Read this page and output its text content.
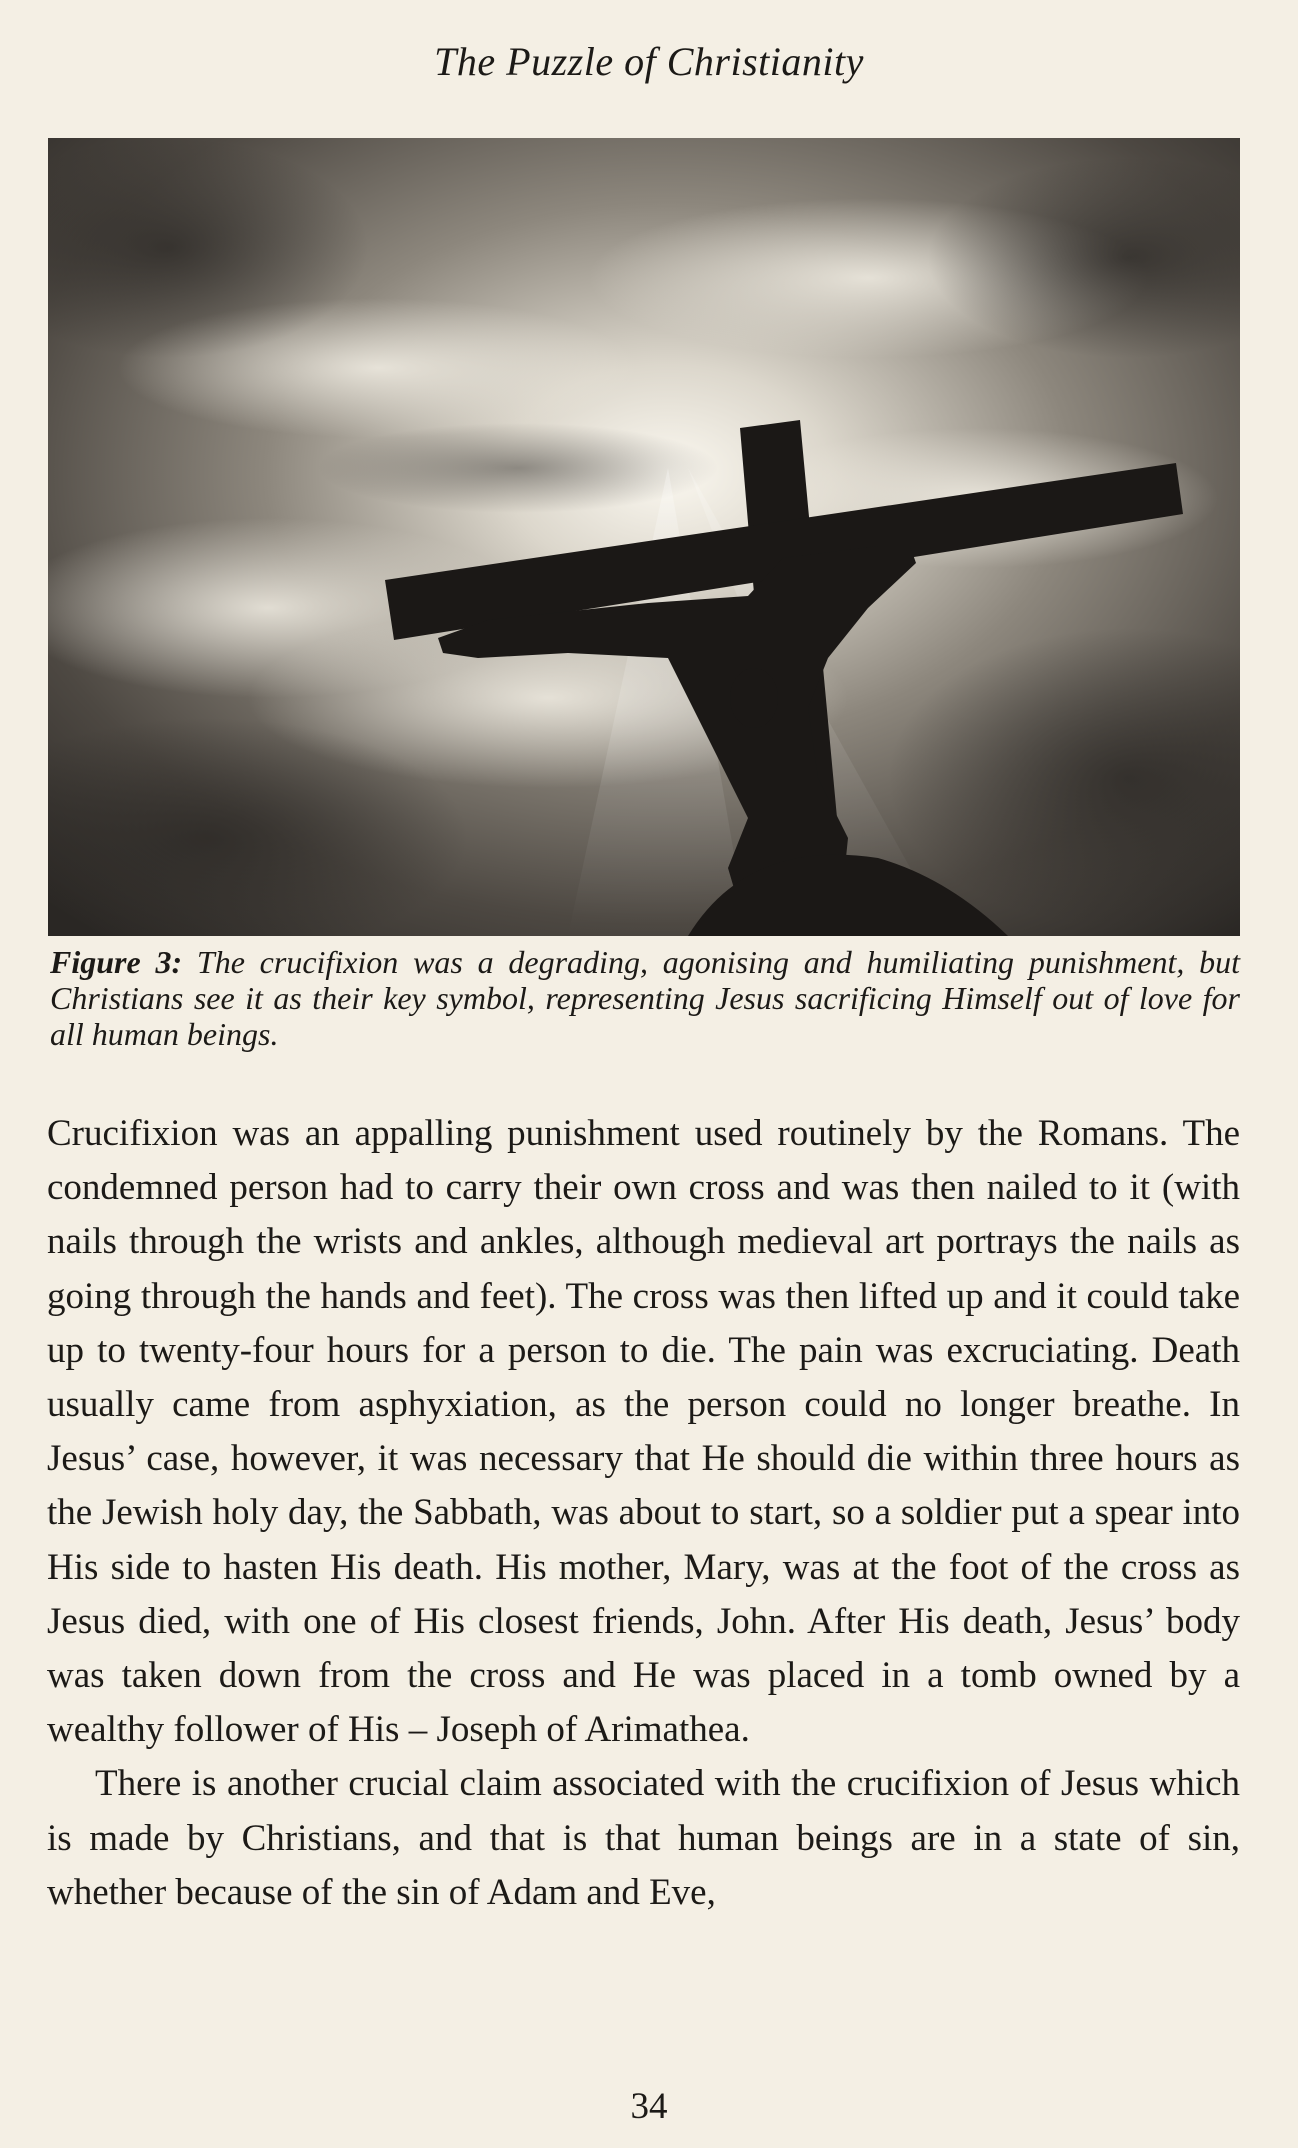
The Puzzle of Christianity
Figure 3: The crucifixion was a degrading, agonising and humiliating punishment, but Christians see it as their key symbol, representing Jesus sacrificing Himself out of love for all human beings.

Crucifixion was an appalling punishment used routinely by the Romans. The condemned person had to carry their own cross and was then nailed to it (with nails through the wrists and ankles, although medieval art portrays the nails as going through the hands and feet). The cross was then lifted up and it could take up to twenty-four hours for a person to die. The pain was excruciating. Death usually came from asphyxiation, as the person could no longer breathe. In Jesus’ case, however, it was necessary that He should die within three hours as the Jewish holy day, the Sabbath, was about to start, so a soldier put a spear into His side to hasten His death. His mother, Mary, was at the foot of the cross as Jesus died, with one of His closest friends, John. After His death, Jesus’ body was taken down from the cross and He was placed in a tomb owned by a wealthy follower of His – Joseph of Arimathea.

There is another crucial claim associated with the crucifixion of Jesus which is made by Christians, and that is that human beings are in a state of sin, whether because of the sin of Adam and Eve,

34
